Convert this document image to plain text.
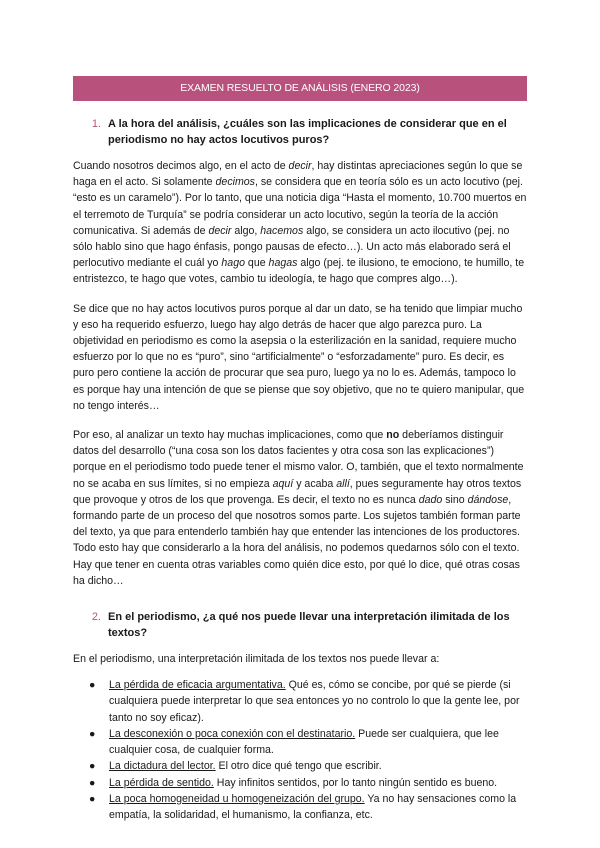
EXAMEN RESUELTO DE ANÁLISIS (ENERO 2023)
1. A la hora del análisis, ¿cuáles son las implicaciones de considerar que en el periodismo no hay actos locutivos puros?

Cuando nosotros decimos algo, en el acto de decir, hay distintas apreciaciones según lo que se haga en el acto. Si solamente decimos, se considera que en teoría sólo es un acto locutivo (pej. “esto es un caramelo”). Por lo tanto, que una noticia diga “Hasta el momento, 10.700 muertos en el terremoto de Turquía” se podría considerar un acto locutivo, según la teoría de la acción comunicativa. Si además de decir algo, hacemos algo, se considera un acto ilocutivo (pej. no sólo hablo sino que hago énfasis, pongo pausas de efecto…). Un acto más elaborado será el perlocutivo mediante el cuál yo hago que hagas algo (pej. te ilusiono, te emociono, te humillo, te entristezco, te hago que votes, cambio tu ideología, te hago que compres algo…).

Se dice que no hay actos locutivos puros porque al dar un dato, se ha tenido que limpiar mucho y eso ha requerido esfuerzo, luego hay algo detrás de hacer que algo parezca puro. La objetividad en periodismo es como la asepsia o la esterilización en la sanidad, requiere mucho esfuerzo por lo que no es “puro”, sino “artificialmente” o “esforzadamente” puro. Es decir, es puro pero contiene la acción de procurar que sea puro, luego ya no lo es. Además, tampoco lo es porque hay una intención de que se piense que soy objetivo, que no te quiero manipular, que no tengo interés…

Por eso, al analizar un texto hay muchas implicaciones, como que no deberíamos distinguir datos del desarrollo (“una cosa son los datos facientes y otra cosa son las explicaciones”) porque en el periodismo todo puede tener el mismo valor. O, también, que el texto normalmente no se acaba en sus límites, si no empieza aquí y acaba allí, pues seguramente hay otros textos que provoque y otros de los que provenga. Es decir, el texto no es nunca dado sino dándose, formando parte de un proceso del que nosotros somos parte. Los sujetos también forman parte del texto, ya que para entenderlo también hay que entender las intenciones de los productores. Todo esto hay que considerarlo a la hora del análisis, no podemos quedarnos sólo con el texto. Hay que tener en cuenta otras variables como quién dice esto, por qué lo dice, qué otras cosas ha dicho…

2. En el periodismo, ¿a qué nos puede llevar una interpretación ilimitada de los textos?

En el periodismo, una interpretación ilimitada de los textos nos puede llevar a:

● La pérdida de eficacia argumentativa. Qué es, cómo se concibe, por qué se pierde (si cualquiera puede interpretar lo que sea entonces yo no controlo lo que la gente lee, por tanto no soy eficaz).
● La desconexión o poca conexión con el destinatario. Puede ser cualquiera, que lee cualquier cosa, de cualquier forma.
● La dictadura del lector. El otro dice qué tengo que escribir.
● La pérdida de sentido. Hay infinitos sentidos, por lo tanto ningún sentido es bueno.
● La poca homogeneidad u homogeneización del grupo. Ya no hay sensaciones como la empatía, la solidaridad, el humanismo, la confianza, etc.
